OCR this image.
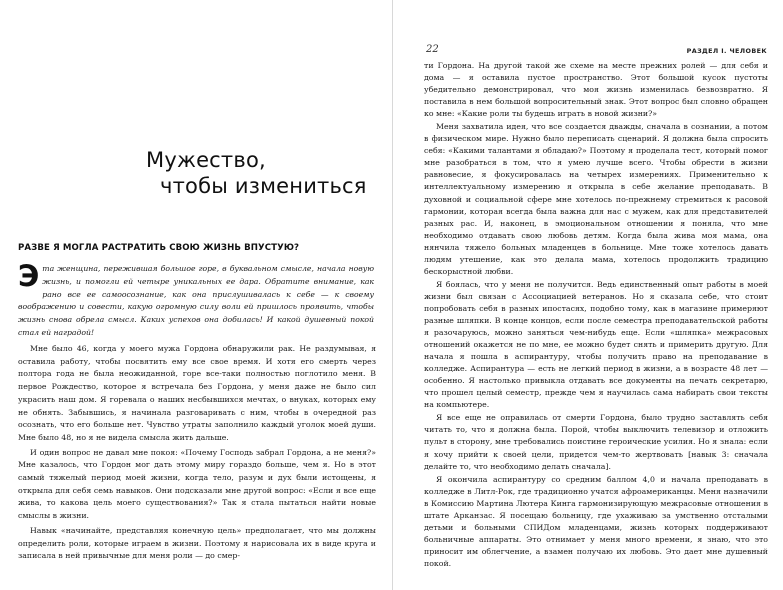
Мужество,
чтобы измениться
РАЗВЕ Я МОГЛА РАСТРАТИТЬ СВОЮ ЖИЗНЬ ВПУСТУЮ?

Эта женщина, пережившая большое горе, в буквальном смысле, начала новую жизнь, и помогли ей четыре уникальных ее дара. Обратите внимание, как рано все ее самоосознание, как она прислушивалась к себе — к своему воображению и совести, какую огромную силу воли ей пришлось проявить, чтобы жизнь снова обрела смысл. Каких успехов она добилась! И какой душевный покой стал ей наградой!

Мне было 46, когда у моего мужа Гордона обнаружили рак. Не раздумывая, я оставила работу, чтобы посвятить ему все свое время. И хотя его смерть через полтора года не была неожиданной, горе все-таки полностью поглотило меня. В первое Рождество, которое я встречала без Гордона, у меня даже не было сил украсить наш дом. Я горевала о наших несбывшихся мечтах, о внуках, которых ему не обнять. Забывшись, я начинала разговаривать с ним, чтобы в очередной раз осознать, что его больше нет. Чувство утраты заполнило каждый уголок моей души. Мне было 48, но я не видела смысла жить дальше.

И один вопрос не давал мне покоя: «Почему Господь забрал Гордона, а не меня?» Мне казалось, что Гордон мог дать этому миру гораздо больше, чем я. Но в этот самый тяжелый период моей жизни, когда тело, разум и дух были истощены, я открыла для себя семь навыков. Они подсказали мне другой вопрос: «Если я все еще жива, то какова цель моего существования?» Так я стала пытаться найти новые смыслы в жизни.

Навык «начинайте, представляя конечную цель» предполагает, что мы должны определить роли, которые играем в жизни. Поэтому я нарисовала их в виде круга и записала в ней привычные для меня роли — до смер-

22	РАЗДЕЛ I. ЧЕЛОВЕК

ти Гордона. На другой такой же схеме на месте прежних ролей — для себя и дома — я оставила пустое пространство. Этот большой кусок пустоты убедительно демонстрировал, что моя жизнь изменилась безвозвратно. Я поставила в нем большой вопросительный знак. Этот вопрос был словно обращен ко мне: «Какие роли ты будешь играть в новой жизни?»

Меня захватила идея, что все создается дважды, сначала в сознании, а потом в физическом мире. Нужно было переписать сценарий. Я должна была спросить себя: «Какими талантами я обладаю?» Поэтому я проделала тест, который помог мне разобраться в том, что я умею лучше всего. Чтобы обрести в жизни равновесие, я фокусировалась на четырех измерениях. Применительно к интеллектуальному измерению я открыла в себе желание преподавать. В духовной и социальной сфере мне хотелось по-прежнему стремиться к расовой гармонии, которая всегда была важна для нас с мужем, как для представителей разных рас. И, наконец, в эмоциональном отношении я поняла, что мне необходимо отдавать свою любовь детям. Когда была жива моя мама, она нянчила тяжело больных младенцев в больнице. Мне тоже хотелось давать людям утешение, как это делала мама, хотелось продолжить традицию бескорыстной любви.

Я боялась, что у меня не получится. Ведь единственный опыт работы в моей жизни был связан с Ассоциацией ветеранов. Но я сказала себе, что стоит попробовать себя в разных ипостасях, подобно тому, как в магазине примеряют разные шляпки. В конце концов, если после семестра преподавательской работы я разочаруюсь, можно заняться чем-нибудь еще. Если «шляпка» межрасовых отношений окажется не по мне, ее можно будет снять и примерить другую. Для начала я пошла в аспирантуру, чтобы получить право на преподавание в колледже. Аспирантура — есть не легкий период в жизни, а в возрасте 48 лет — особенно. Я настолько привыкла отдавать все документы на печать секретарю, что прошел целый семестр, прежде чем я научилась сама набирать свои тексты на компьютере.

Я все еще не оправилась от смерти Гордона, было трудно заставлять себя читать то, что я должна была. Порой, чтобы выключить телевизор и отложить пульт в сторону, мне требовались поистине героические усилия. Но я знала: если я хочу прийти к своей цели, придется чем-то жертвовать [навык 3: сначала делайте то, что необходимо делать сначала].

Я окончила аспирантуру со средним баллом 4,0 и начала преподавать в колледже в Литл-Рок, где традиционно учатся афроамериканцы. Меня назначили в Комиссию Мартина Лютера Кинга гармонизирующую межрасовые отношения в штате Арканзас. Я посещаю больницу, где ухаживаю за умственно отсталыми детьми и больными СПИДом младенцами, жизнь которых поддерживают больничные аппараты. Это отнимает у меня много времени, я знаю, что это приносит им облегчение, а взамен получаю их любовь. Это дает мне душевный покой.
